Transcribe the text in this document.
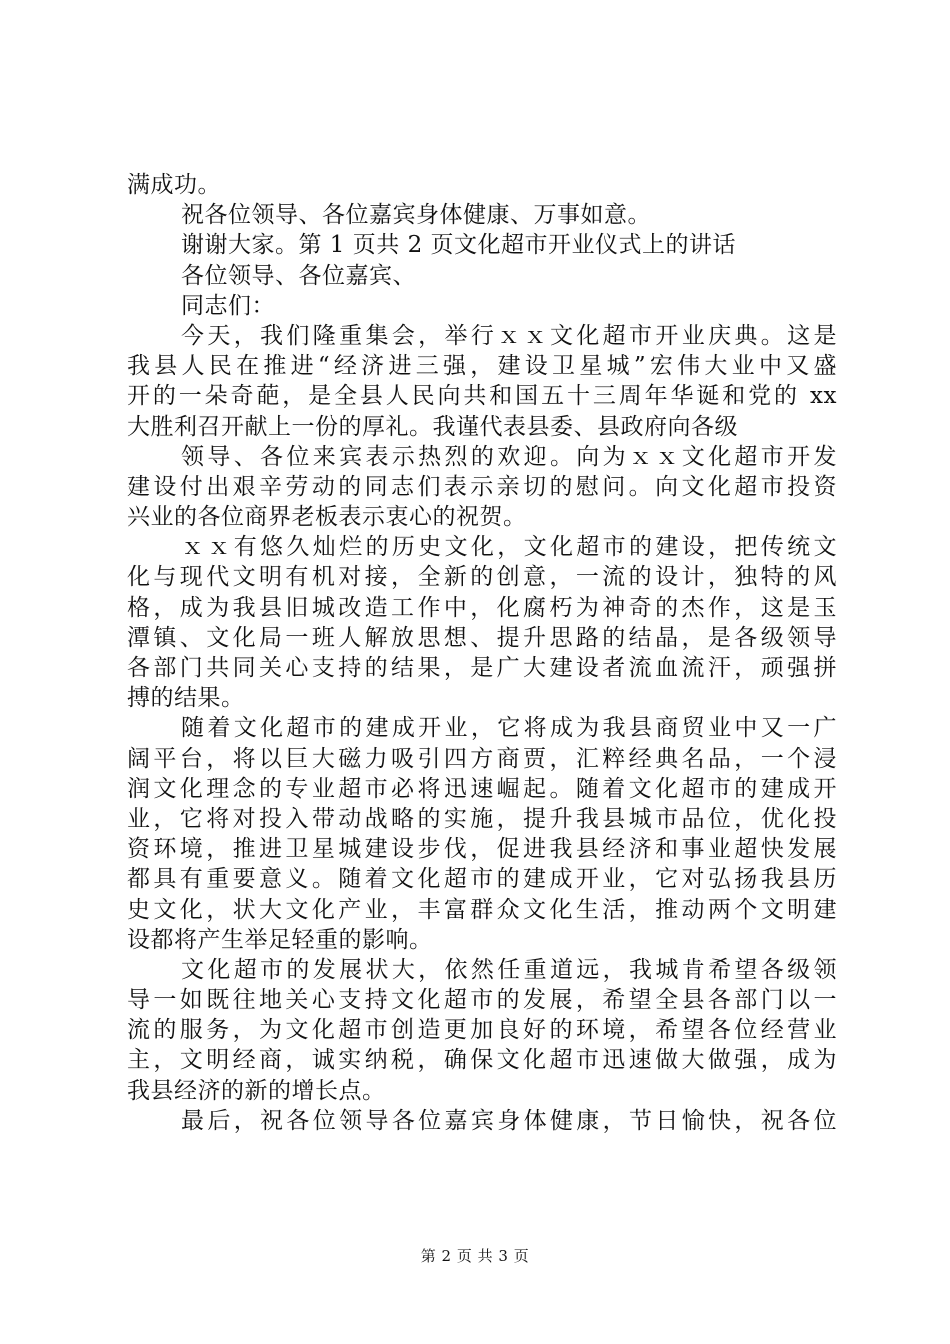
满成功。
祝各位领导、各位嘉宾身体健康、万事如意。
谢谢大家。第 1 页共 2 页文化超市开业仪式上的讲话
各位领导、各位嘉宾、
同志们：
今天，我们隆重集会，举行ｘｘ文化超市开业庆典。这是
我县人民在推进“经济进三强，建设卫星城”宏伟大业中又盛
开的一朵奇葩，是全县人民向共和国五十三周年华诞和党的 xx
大胜利召开献上一份的厚礼。我谨代表县委、县政府向各级
领导、各位来宾表示热烈的欢迎。向为ｘｘ文化超市开发
建设付出艰辛劳动的同志们表示亲切的慰问。向文化超市投资
兴业的各位商界老板表示衷心的祝贺。
ｘｘ有悠久灿烂的历史文化，文化超市的建设，把传统文
化与现代文明有机对接，全新的创意，一流的设计，独特的风
格，成为我县旧城改造工作中，化腐朽为神奇的杰作，这是玉
潭镇、文化局一班人解放思想、提升思路的结晶，是各级领导
各部门共同关心支持的结果，是广大建设者流血流汗，顽强拼
搏的结果。
随着文化超市的建成开业，它将成为我县商贸业中又一广
阔平台，将以巨大磁力吸引四方商贾，汇粹经典名品，一个浸
润文化理念的专业超市必将迅速崛起。随着文化超市的建成开
业，它将对投入带动战略的实施，提升我县城市品位，优化投
资环境，推进卫星城建设步伐，促进我县经济和事业超快发展
都具有重要意义。随着文化超市的建成开业，它对弘扬我县历
史文化，状大文化产业，丰富群众文化生活，推动两个文明建
设都将产生举足轻重的影响。
文化超市的发展状大，依然任重道远，我城肯希望各级领
导一如既往地关心支持文化超市的发展，希望全县各部门以一
流的服务，为文化超市创造更加良好的环境，希望各位经营业
主，文明经商，诚实纳税，确保文化超市迅速做大做强，成为
我县经济的新的增长点。
最后，祝各位领导各位嘉宾身体健康，节日愉快，祝各位
第 2 页 共 3 页
